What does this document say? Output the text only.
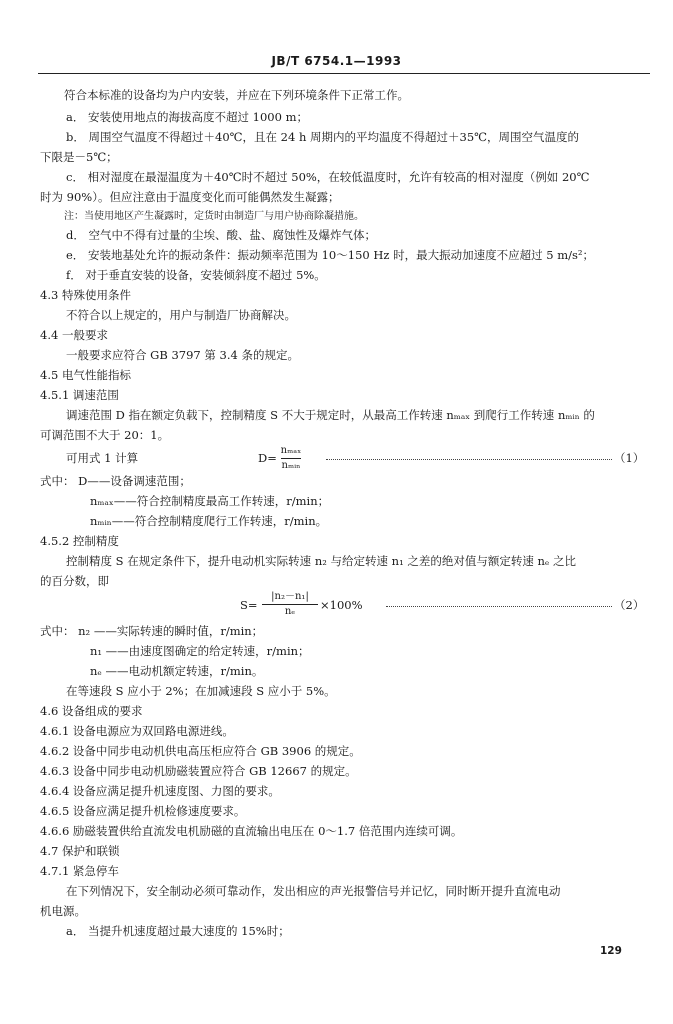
JB/T 6754.1—1993
符合本标准的设备均为户内安装，并应在下列环境条件下正常工作。
a． 安装使用地点的海拔高度不超过 1000 m；
b． 周围空气温度不得超过＋40℃，且在 24 h 周期内的平均温度不得超过＋35℃，周围空气温度的
下限是－5℃；
c． 相对湿度在最湿温度为＋40℃时不超过 50%，在较低温度时，允许有较高的相对湿度（例如 20℃
时为 90%）。但应注意由于温度变化而可能偶然发生凝露；
注：当使用地区产生凝露时，定货时由制造厂与用户协商除凝措施。
d． 空气中不得有过量的尘埃、酸、盐、腐蚀性及爆炸气体；
e． 安装地基处允许的振动条件：振动频率范围为 10～150 Hz 时，最大振动加速度不应超过 5 m/s²；
f． 对于垂直安装的设备，安装倾斜度不超过 5%。
4.3 特殊使用条件
不符合以上规定的，用户与制造厂协商解决。
4.4 一般要求
一般要求应符合 GB 3797 第 3.4 条的规定。
4.5 电气性能指标
4.5.1 调速范围
调速范围 D 指在额定负载下，控制精度 S 不大于规定时，从最高工作转速 nₘₐₓ 到爬行工作转速 nₘᵢₙ 的
可调范围不大于 20：1。
可用式 1 计算	D=
nₘₐₓ
nₘᵢₙ
（1）
式中： D——设备调速范围；
nₘₐₓ——符合控制精度最高工作转速，r/min；
nₘᵢₙ——符合控制精度爬行工作转速，r/min。
4.5.2 控制精度
控制精度 S 在规定条件下，提升电动机实际转速 n₂ 与给定转速 n₁ 之差的绝对值与额定转速 nₑ 之比
的百分数，即
S=
|n₂－n₁|
nₑ	×100%	（2）
式中： n₂ ——实际转速的瞬时值，r/min；
n₁ ——由速度图确定的给定转速，r/min；
nₑ ——电动机额定转速，r/min。
在等速段 S 应小于 2%；在加减速段 S 应小于 5%。
4.6 设备组成的要求
4.6.1 设备电源应为双回路电源进线。
4.6.2 设备中同步电动机供电高压柜应符合 GB 3906 的规定。
4.6.3 设备中同步电动机励磁装置应符合 GB 12667 的规定。
4.6.4 设备应满足提升机速度图、力图的要求。
4.6.5 设备应满足提升机检修速度要求。
4.6.6 励磁装置供给直流发电机励磁的直流输出电压在 0～1.7 倍范围内连续可调。
4.7 保护和联锁
4.7.1 紧急停车
在下列情况下，安全制动必须可靠动作，发出相应的声光报警信号并记忆，同时断开提升直流电动
机电源。
a． 当提升机速度超过最大速度的 15%时；
129
